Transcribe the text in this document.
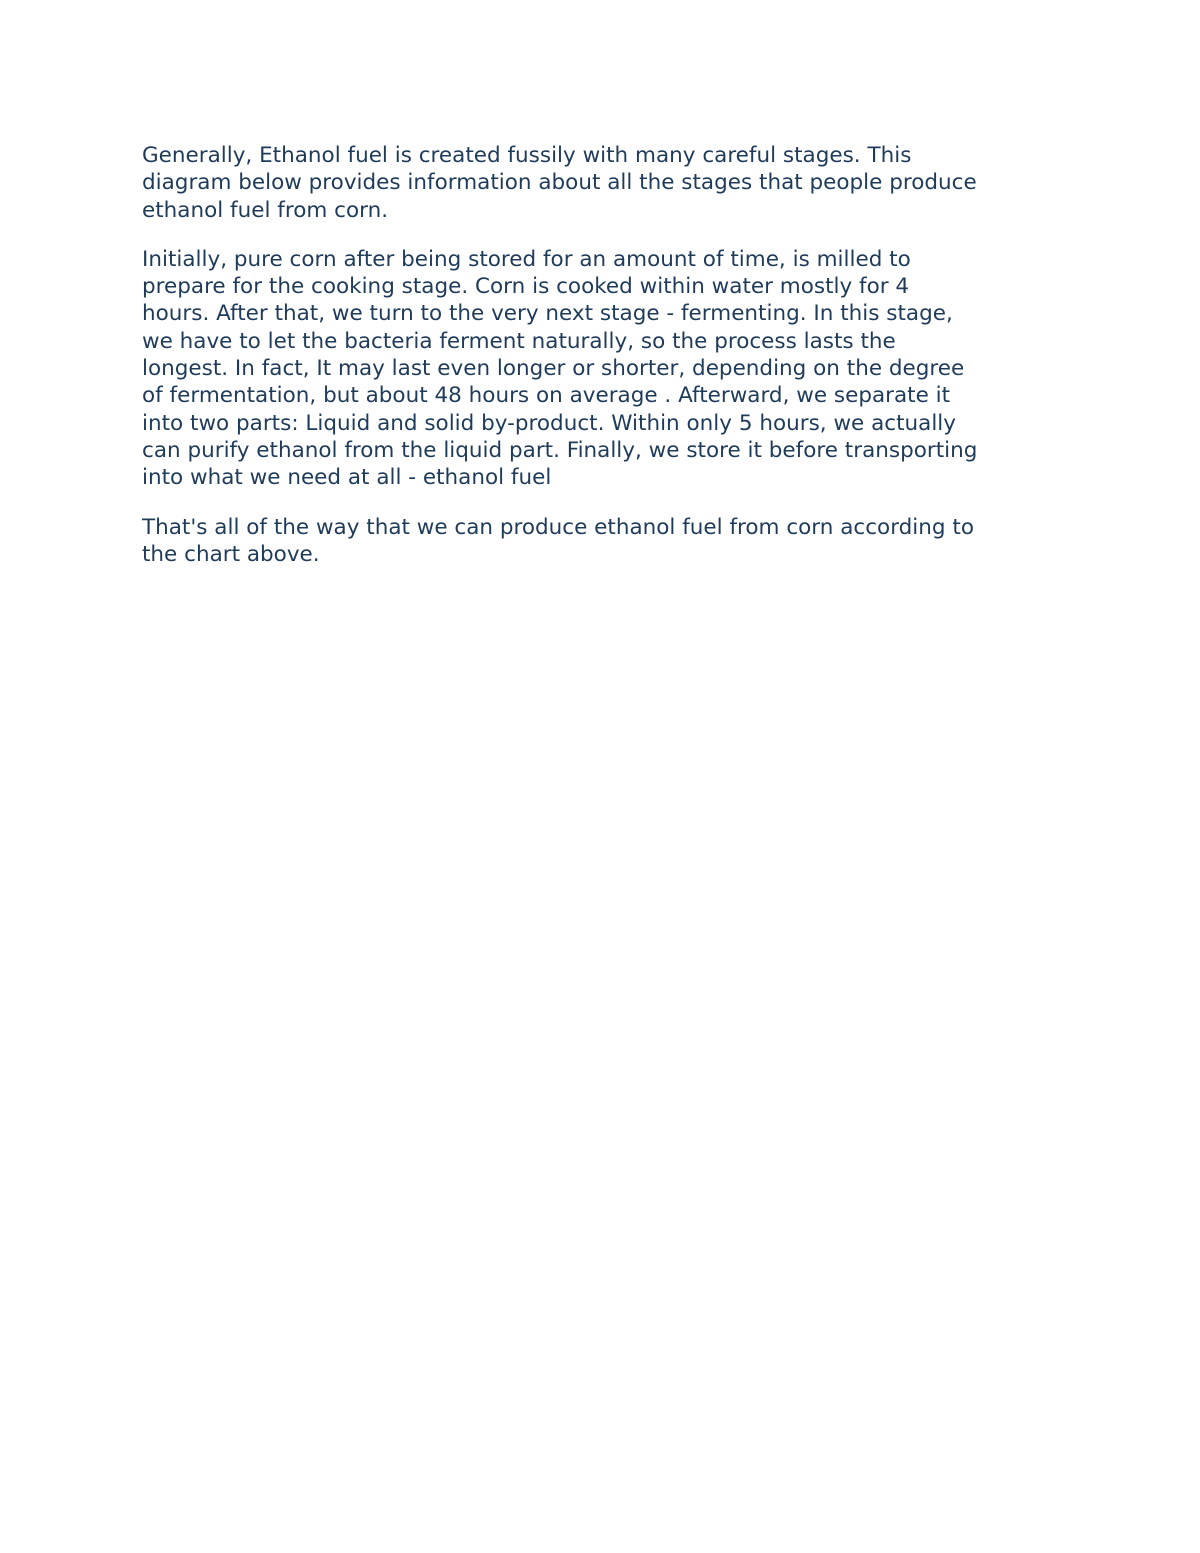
Generally, Ethanol fuel is created fussily with many careful stages. This
diagram below provides information about all the stages that people produce
ethanol fuel from corn.

Initially, pure corn after being stored for an amount of time, is milled to
prepare for the cooking stage. Corn is cooked within water mostly for 4
hours. After that, we turn to the very next stage - fermenting. In this stage,
we have to let the bacteria ferment naturally, so the process lasts the
longest. In fact, It may last even longer or shorter, depending on the degree
of fermentation, but about 48 hours on average . Afterward, we separate it
into two parts: Liquid and solid by-product. Within only 5 hours, we actually
can purify ethanol from the liquid part. Finally, we store it before transporting
into what we need at all - ethanol fuel

That's all of the way that we can produce ethanol fuel from corn according to
the chart above.
